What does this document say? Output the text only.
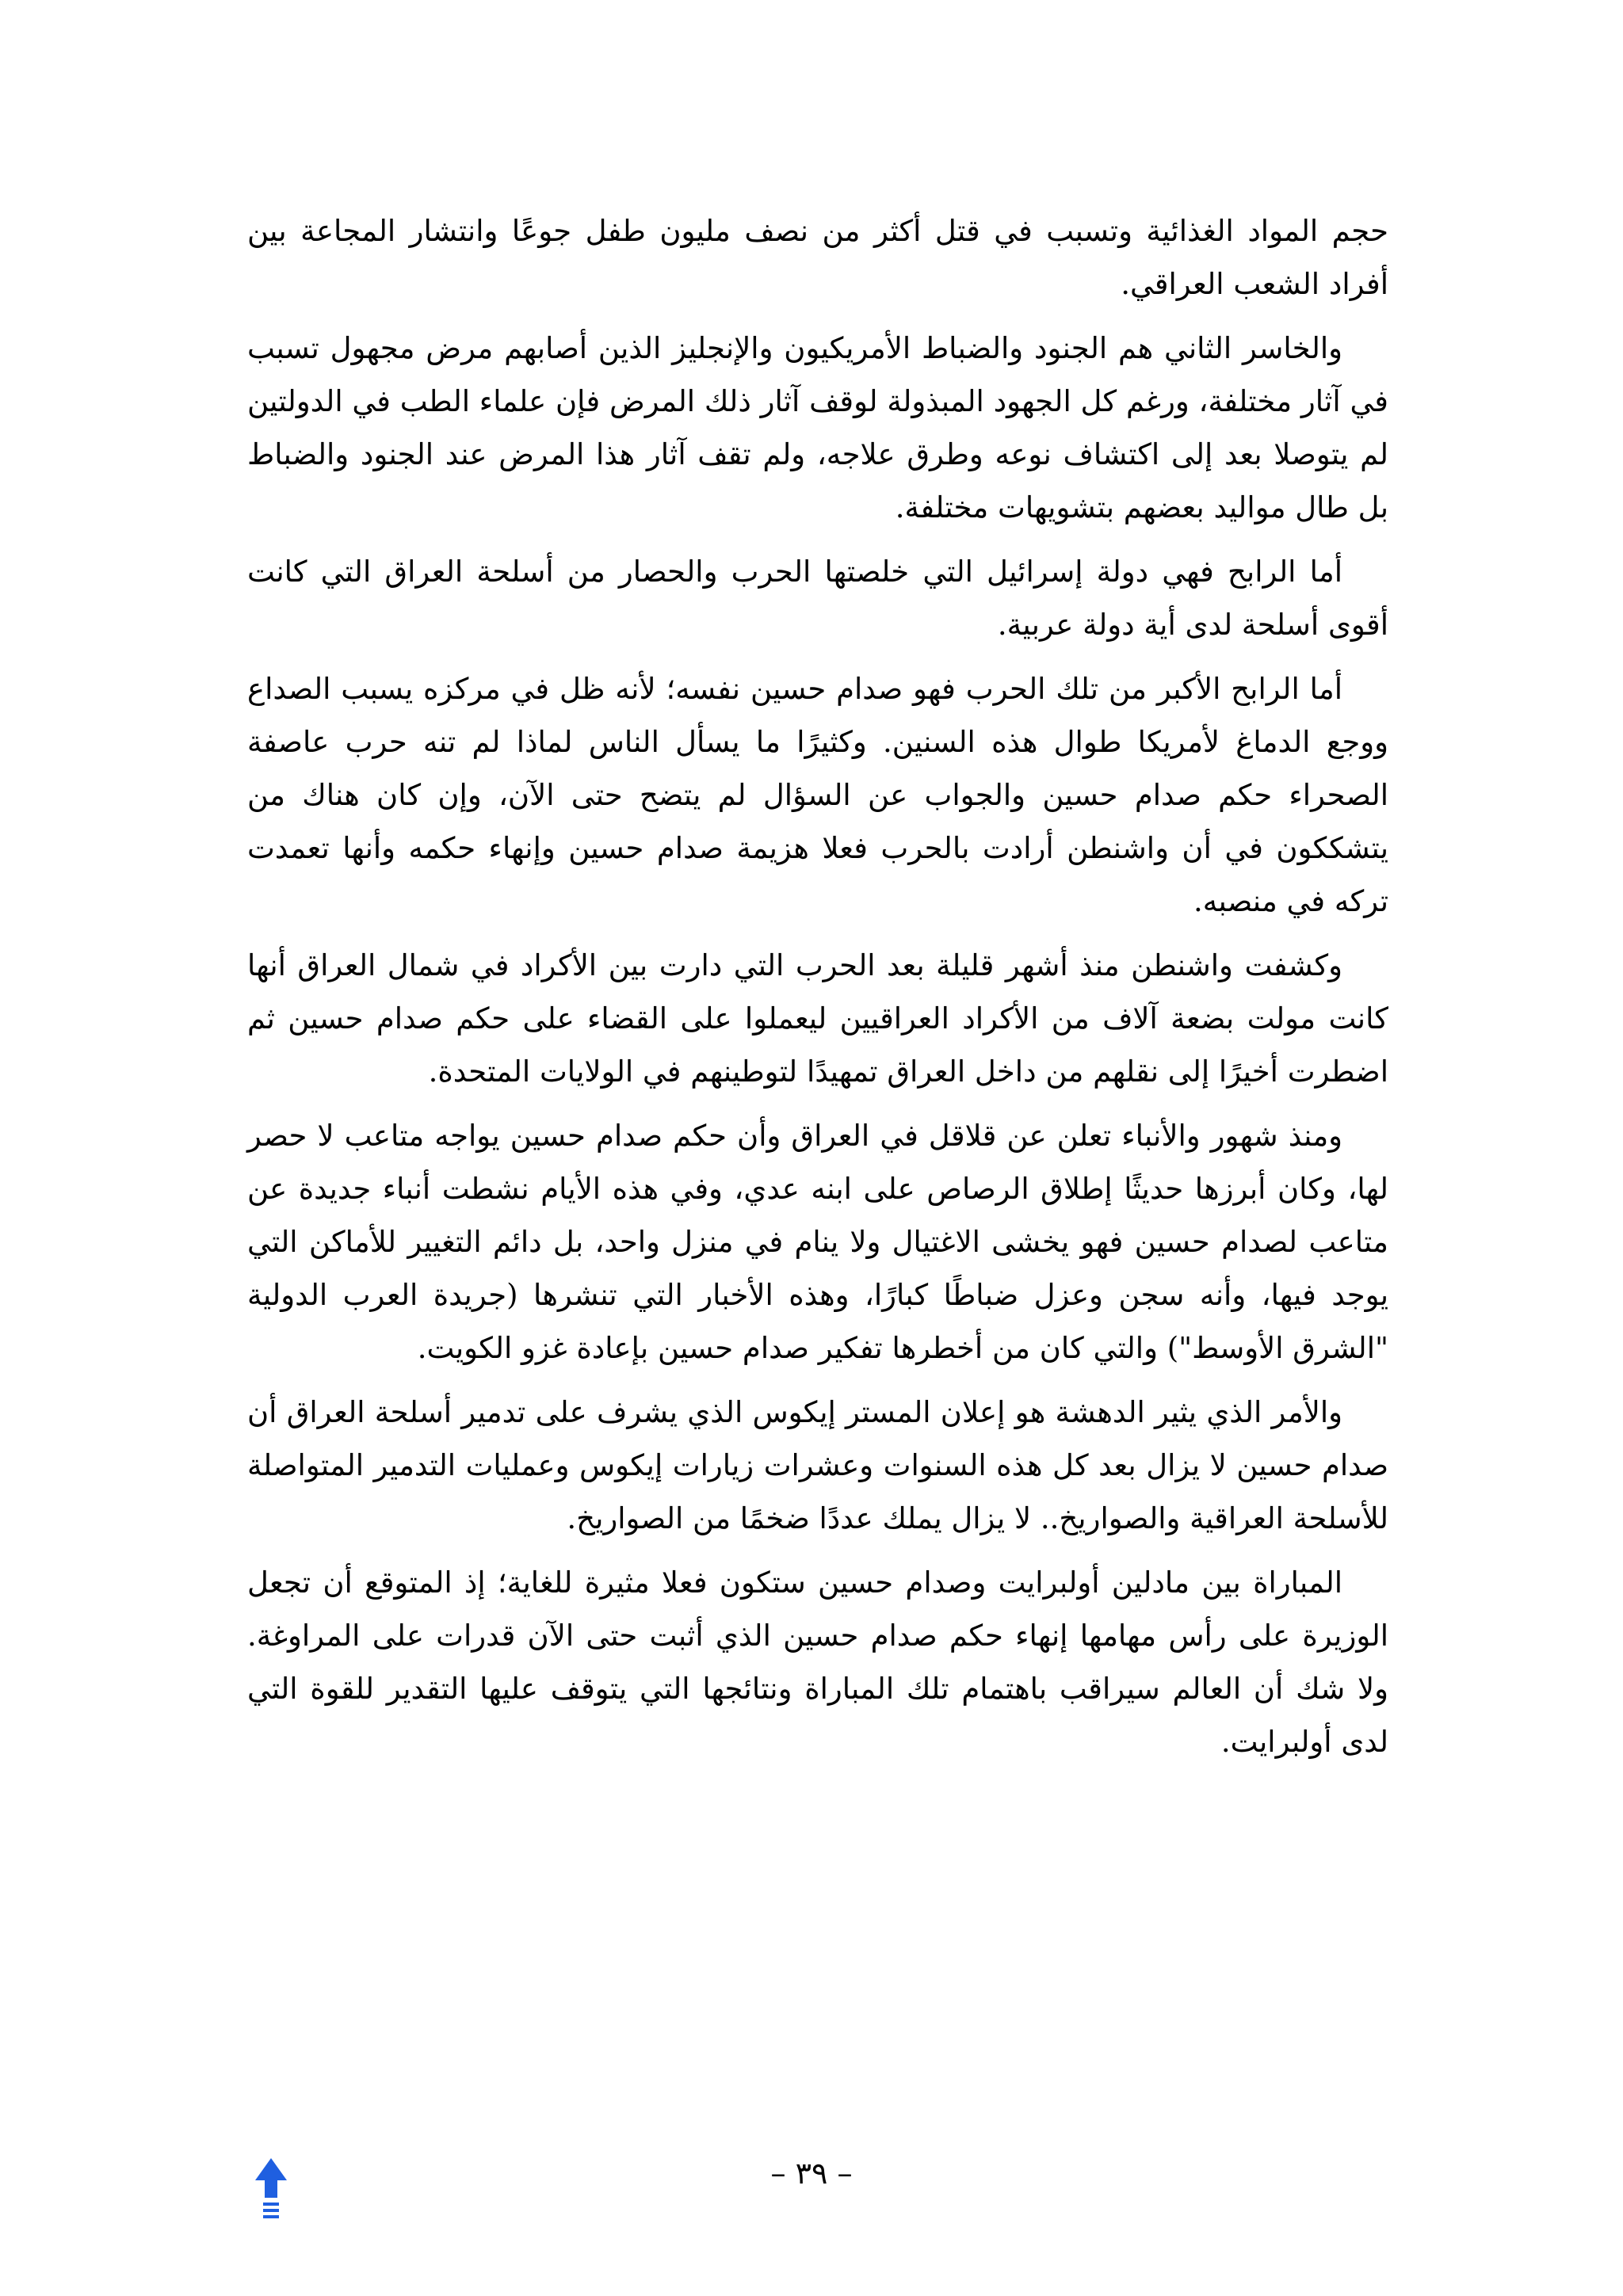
حجم المواد الغذائية وتسبب في قتل أكثر من نصف مليون طفل جوعًا وانتشار المجاعة بين أفراد الشعب العراقي.

والخاسر الثاني هم الجنود والضباط الأمريكيون والإنجليز الذين أصابهم مرض مجهول تسبب في آثار مختلفة، ورغم كل الجهود المبذولة لوقف آثار ذلك المرض فإن علماء الطب في الدولتين لم يتوصلا بعد إلى اكتشاف نوعه وطرق علاجه، ولم تقف آثار هذا المرض عند الجنود والضباط بل طال مواليد بعضهم بتشويهات مختلفة.

أما الرابح فهي دولة إسرائيل التي خلصتها الحرب والحصار من أسلحة العراق التي كانت أقوى أسلحة لدى أية دولة عربية.

أما الرابح الأكبر من تلك الحرب فهو صدام حسين نفسه؛ لأنه ظل في مركزه يسبب الصداع ووجع الدماغ لأمريكا طوال هذه السنين. وكثيرًا ما يسأل الناس لماذا لم تنه حرب عاصفة الصحراء حكم صدام حسين والجواب عن السؤال لم يتضح حتى الآن، وإن كان هناك من يتشككون في أن واشنطن أرادت بالحرب فعلا هزيمة صدام حسين وإنهاء حكمه وأنها تعمدت تركه في منصبه.

وكشفت واشنطن منذ أشهر قليلة بعد الحرب التي دارت بين الأكراد في شمال العراق أنها كانت مولت بضعة آلاف من الأكراد العراقيين ليعملوا على القضاء على حكم صدام حسين ثم اضطرت أخيرًا إلى نقلهم من داخل العراق تمهيدًا لتوطينهم في الولايات المتحدة.

ومنذ شهور والأنباء تعلن عن قلاقل في العراق وأن حكم صدام حسين يواجه متاعب لا حصر لها، وكان أبرزها حديثًا إطلاق الرصاص على ابنه عدي، وفي هذه الأيام نشطت أنباء جديدة عن متاعب لصدام حسين فهو يخشى الاغتيال ولا ينام في منزل واحد، بل دائم التغيير للأماكن التي يوجد فيها، وأنه سجن وعزل ضباطًا كبارًا، وهذه الأخبار التي تنشرها (جريدة العرب الدولية "الشرق الأوسط") والتي كان من أخطرها تفكير صدام حسين بإعادة غزو الكويت.

والأمر الذي يثير الدهشة هو إعلان المستر إيكوس الذي يشرف على تدمير أسلحة العراق أن صدام حسين لا يزال بعد كل هذه السنوات وعشرات زيارات إيكوس وعمليات التدمير المتواصلة للأسلحة العراقية والصواريخ.. لا يزال يملك عددًا ضخمًا من الصواريخ.

المباراة بين مادلين أولبرايت وصدام حسين ستكون فعلا مثيرة للغاية؛ إذ المتوقع أن تجعل الوزيرة على رأس مهامها إنهاء حكم صدام حسين الذي أثبت حتى الآن قدرات على المراوغة. ولا شك أن العالم سيراقب باهتمام تلك المباراة ونتائجها التي يتوقف عليها التقدير للقوة التي لدى أولبرايت.

– ٣٩ –
